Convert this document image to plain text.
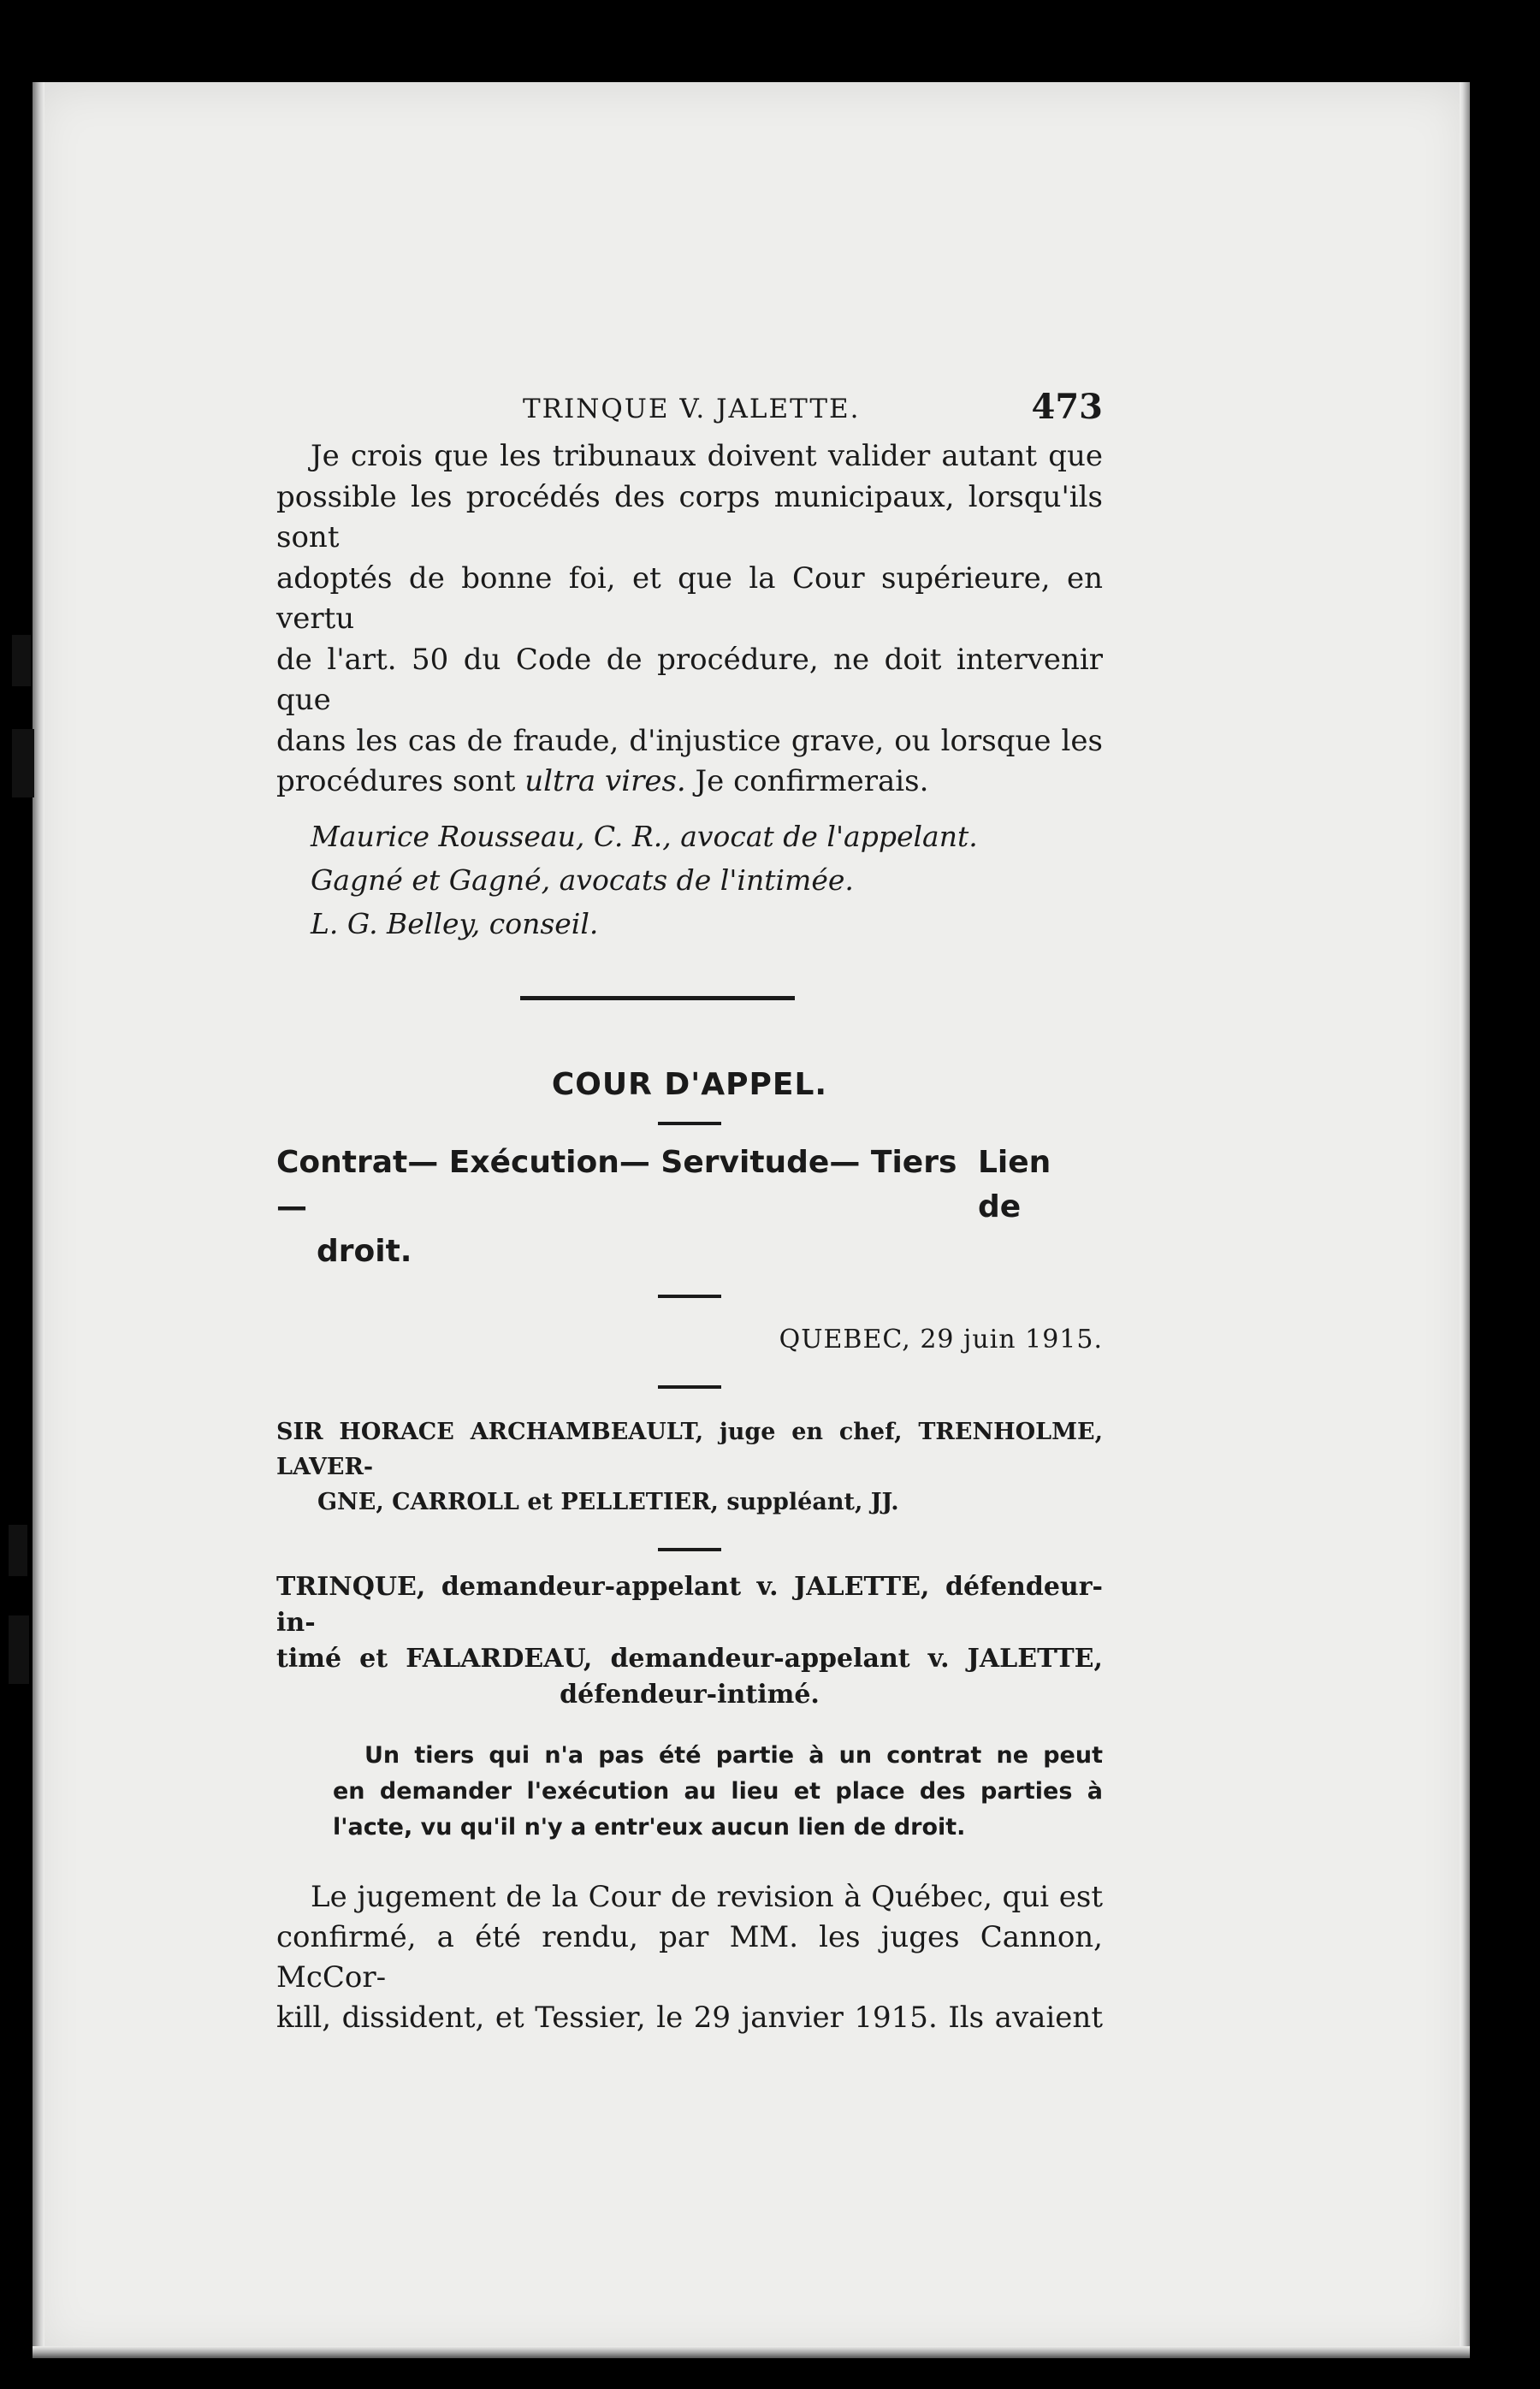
TRINQUE V. JALETTE.	473

Je crois que les tribunaux doivent valider autant que
possible les procédés des corps municipaux, lorsqu'ils sont
adoptés de bonne foi, et que la Cour supérieure, en vertu
de l'art. 50 du Code de procédure, ne doit intervenir que
dans les cas de fraude, d'injustice grave, ou lorsque les
procédures sont ultra vires. Je confirmerais.

Maurice Rousseau, C. R., avocat de l'appelant.
Gagné et Gagné, avocats de l'intimée.
L. G. Belley, conseil.
COUR D'APPEL.
Contrat— Exécution— Servitude— Tiers—
Lien de
droit.
QUEBEC, 29 juin 1915.
SIR HORACE ARCHAMBEAULT, juge en chef, TRENHOLME, LAVER-
GNE, CARROLL et PELLETIER, suppléant, JJ.
TRINQUE, demandeur-appelant v. JALETTE, défendeur-in-
timé et FALARDEAU, demandeur-appelant v. JALETTE,
défendeur-intimé.
Un tiers qui n'a pas été partie à un contrat ne peut
en demander l'exécution au lieu et place des parties à
l'acte, vu qu'il n'y a entr'eux aucun lien de droit.
Le jugement de la Cour de revision à Québec, qui est
confirmé, a été rendu, par MM. les juges Cannon, McCor-
kill, dissident, et Tessier, le 29 janvier 1915. Ils avaient
